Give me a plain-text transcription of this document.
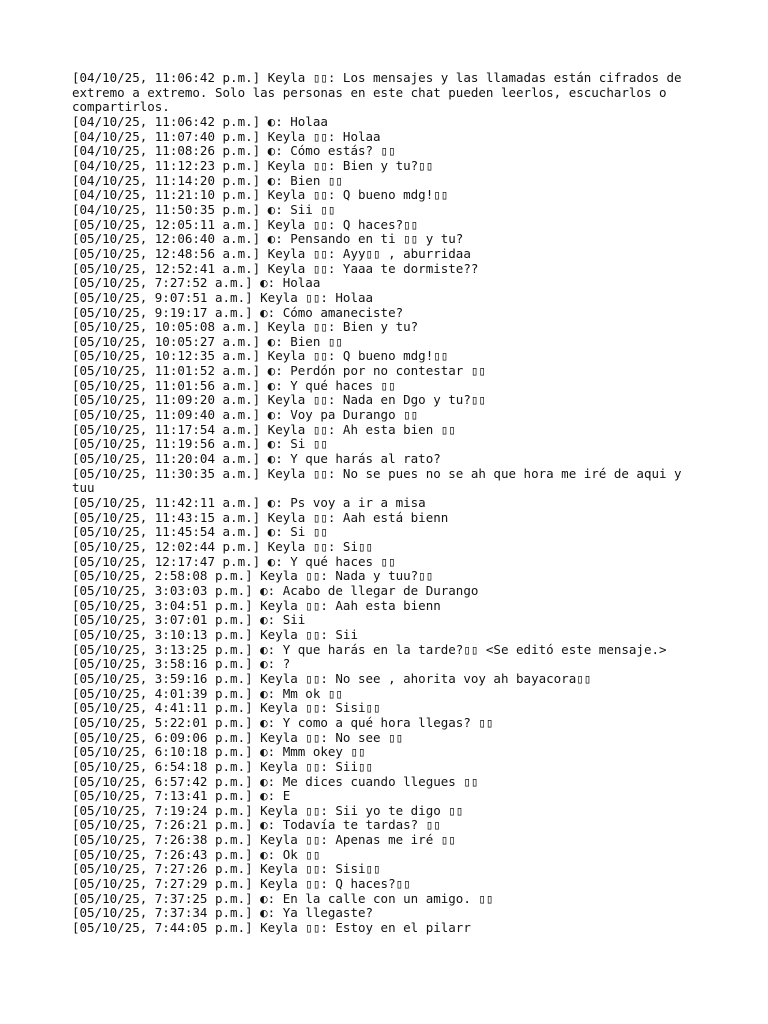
[04/10/25, 11:06:42 p.m.] Keyla ▯▯: Los mensajes y las llamadas están cifrados de extremo a extremo. Solo las personas en este chat pueden leerlos, escucharlos o compartirlos.

[04/10/25, 11:06:42 p.m.] ◐: Holaa

[04/10/25, 11:07:40 p.m.] Keyla ▯▯: Holaa

[04/10/25, 11:08:26 p.m.] ◐: Cómo estás? ▯▯

[04/10/25, 11:12:23 p.m.] Keyla ▯▯: Bien y tu?▯▯

[04/10/25, 11:14:20 p.m.] ◐: Bien ▯▯

[04/10/25, 11:21:10 p.m.] Keyla ▯▯: Q bueno mdg!▯▯

[04/10/25, 11:50:35 p.m.] ◐: Sii ▯▯

[05/10/25, 12:05:11 a.m.] Keyla ▯▯: Q haces?▯▯

[05/10/25, 12:06:40 a.m.] ◐: Pensando en ti ▯▯ y tu?

[05/10/25, 12:48:56 a.m.] Keyla ▯▯: Ayy▯▯ , aburridaa

[05/10/25, 12:52:41 a.m.] Keyla ▯▯: Yaaa te dormiste??

[05/10/25, 7:27:52 a.m.] ◐: Holaa

[05/10/25, 9:07:51 a.m.] Keyla ▯▯: Holaa

[05/10/25, 9:19:17 a.m.] ◐: Cómo amaneciste?

[05/10/25, 10:05:08 a.m.] Keyla ▯▯: Bien y tu?

[05/10/25, 10:05:27 a.m.] ◐: Bien ▯▯

[05/10/25, 10:12:35 a.m.] Keyla ▯▯: Q bueno mdg!▯▯

[05/10/25, 11:01:52 a.m.] ◐: Perdón por no contestar ▯▯

[05/10/25, 11:01:56 a.m.] ◐: Y qué haces ▯▯

[05/10/25, 11:09:20 a.m.] Keyla ▯▯: Nada en Dgo y tu?▯▯

[05/10/25, 11:09:40 a.m.] ◐: Voy pa Durango ▯▯

[05/10/25, 11:17:54 a.m.] Keyla ▯▯: Ah esta bien ▯▯

[05/10/25, 11:19:56 a.m.] ◐: Si ▯▯

[05/10/25, 11:20:04 a.m.] ◐: Y que harás al rato?

[05/10/25, 11:30:35 a.m.] Keyla ▯▯: No se pues no se ah que hora me iré de aqui y tuu

[05/10/25, 11:42:11 a.m.] ◐: Ps voy a ir a misa

[05/10/25, 11:43:15 a.m.] Keyla ▯▯: Aah está bienn

[05/10/25, 11:45:54 a.m.] ◐: Si ▯▯

[05/10/25, 12:02:44 p.m.] Keyla ▯▯: Si▯▯

[05/10/25, 12:17:47 p.m.] ◐: Y qué haces ▯▯

[05/10/25, 2:58:08 p.m.] Keyla ▯▯: Nada y tuu?▯▯

[05/10/25, 3:03:03 p.m.] ◐: Acabo de llegar de Durango

[05/10/25, 3:04:51 p.m.] Keyla ▯▯: Aah esta bienn

[05/10/25, 3:07:01 p.m.] ◐: Sii

[05/10/25, 3:10:13 p.m.] Keyla ▯▯: Sii

[05/10/25, 3:13:25 p.m.] ◐: Y que harás en la tarde?▯▯ <Se editó este mensaje.>

[05/10/25, 3:58:16 p.m.] ◐: ?

[05/10/25, 3:59:16 p.m.] Keyla ▯▯: No see , ahorita voy ah bayacora▯▯

[05/10/25, 4:01:39 p.m.] ◐: Mm ok ▯▯

[05/10/25, 4:41:11 p.m.] Keyla ▯▯: Sisi▯▯

[05/10/25, 5:22:01 p.m.] ◐: Y como a qué hora llegas? ▯▯

[05/10/25, 6:09:06 p.m.] Keyla ▯▯: No see ▯▯

[05/10/25, 6:10:18 p.m.] ◐: Mmm okey ▯▯

[05/10/25, 6:54:18 p.m.] Keyla ▯▯: Sii▯▯

[05/10/25, 6:57:42 p.m.] ◐: Me dices cuando llegues ▯▯

[05/10/25, 7:13:41 p.m.] ◐: E

[05/10/25, 7:19:24 p.m.] Keyla ▯▯: Sii yo te digo ▯▯

[05/10/25, 7:26:21 p.m.] ◐: Todavía te tardas? ▯▯

[05/10/25, 7:26:38 p.m.] Keyla ▯▯: Apenas me iré ▯▯

[05/10/25, 7:26:43 p.m.] ◐: Ok ▯▯

[05/10/25, 7:27:26 p.m.] Keyla ▯▯: Sisi▯▯

[05/10/25, 7:27:29 p.m.] Keyla ▯▯: Q haces?▯▯

[05/10/25, 7:37:25 p.m.] ◐: En la calle con un amigo. ▯▯

[05/10/25, 7:37:34 p.m.] ◐: Ya llegaste?

[05/10/25, 7:44:05 p.m.] Keyla ▯▯: Estoy en el pilarr
